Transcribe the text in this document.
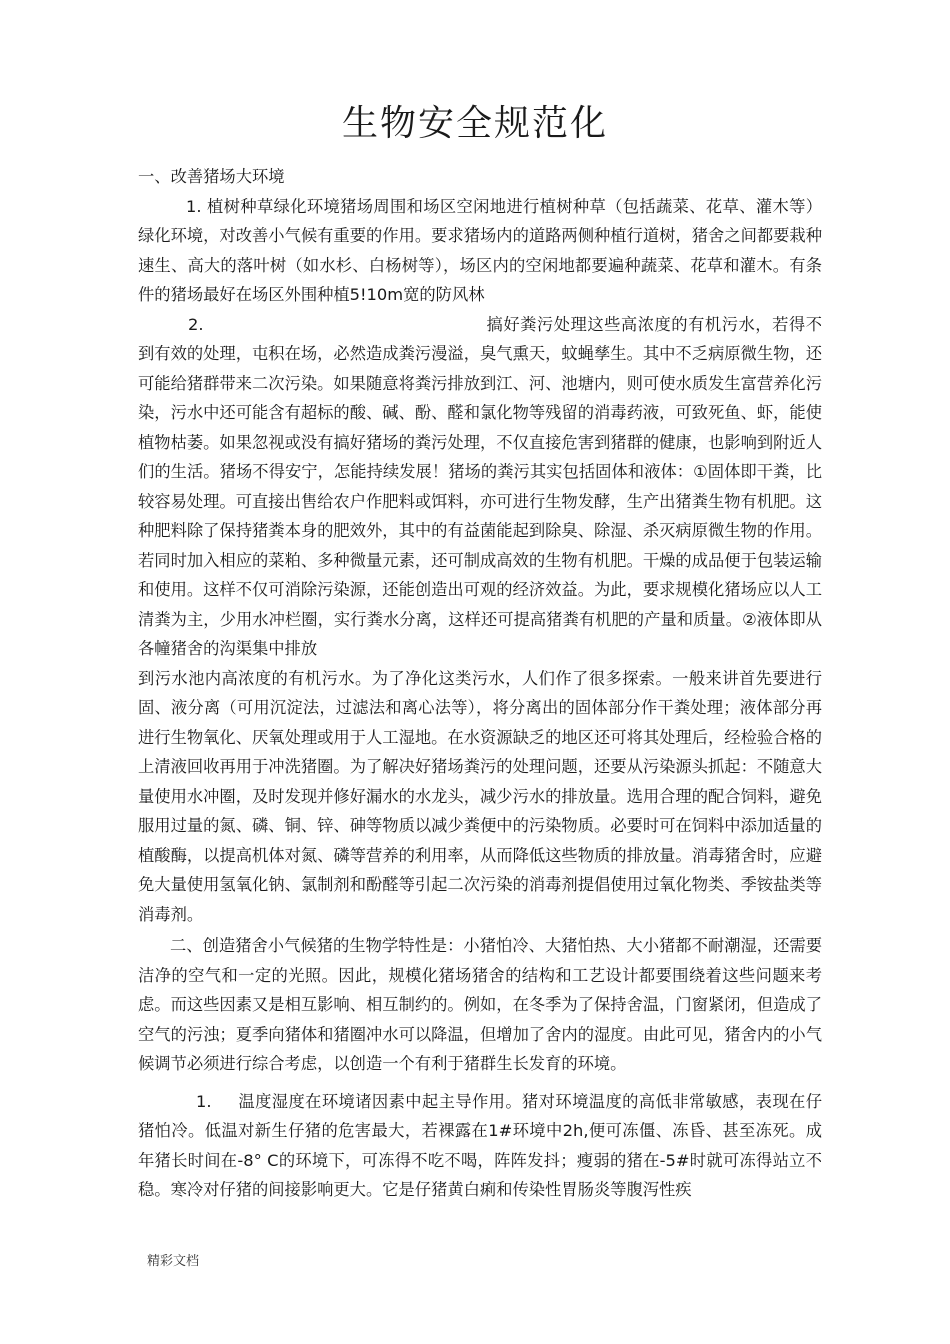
生物安全规范化

一、改善猪场大环境

1. 植树种草绿化环境猪场周围和场区空闲地进行植树种草（包括蔬菜、花草、灌木等）绿化环境，对改善小气候有重要的作用。要求猪场内的道路两侧种植行道树，猪舍之间都要栽种速生、高大的落叶树（如水杉、白杨树等），场区内的空闲地都要遍种蔬菜、花草和灌木。有条件的猪场最好在场区外围种植5!10m宽的防风林

2.	搞好粪污处理这些高浓度的有机污水，若得不到有效的处理，屯积在场，必然造成粪污漫溢，臭气熏天，蚊蝇孳生。其中不乏病原微生物，还可能给猪群带来二次污染。如果随意将粪污排放到江、河、池塘内，则可使水质发生富营养化污染，污水中还可能含有超标的酸、碱、酚、醛和氯化物等残留的消毒药液，可致死鱼、虾，能使植物枯萎。如果忽视或没有搞好猪场的粪污处理，不仅直接危害到猪群的健康，也影响到附近人们的生活。猪场不得安宁，怎能持续发展！猪场的粪污其实包括固体和液体：①固体即干粪，比较容易处理。可直接出售给农户作肥料或饵料，亦可进行生物发酵，生产出猪粪生物有机肥。这种肥料除了保持猪粪本身的肥效外，其中的有益菌能起到除臭、除湿、杀灭病原微生物的作用。若同时加入相应的菜粕、多种微量元素，还可制成高效的生物有机肥。干燥的成品便于包装运输和使用。这样不仅可消除污染源，还能创造出可观的经济效益。为此，要求规模化猪场应以人工清粪为主，少用水冲栏圈，实行粪水分离，这样还可提高猪粪有机肥的产量和质量。②液体即从各幢猪舍的沟渠集中排放

到污水池内高浓度的有机污水。为了净化这类污水，人们作了很多探索。一般来讲首先要进行固、液分离（可用沉淀法，过滤法和离心法等），将分离出的固体部分作干粪处理；液体部分再进行生物氧化、厌氧处理或用于人工湿地。在水资源缺乏的地区还可将其处理后，经检验合格的上清液回收再用于冲洗猪圈。为了解决好猪场粪污的处理问题，还要从污染源头抓起：不随意大量使用水冲圈，及时发现并修好漏水的水龙头，减少污水的排放量。选用合理的配合饲料，避免服用过量的氮、磷、铜、锌、砷等物质以减少粪便中的污染物质。必要时可在饲料中添加适量的植酸酶，以提高机体对氮、磷等营养的利用率，从而降低这些物质的排放量。消毒猪舍时，应避免大量使用氢氧化钠、氯制剂和酚醛等引起二次污染的消毒剂提倡使用过氧化物类、季铵盐类等消毒剂。

二、创造猪舍小气候猪的生物学特性是：小猪怕冷、大猪怕热、大小猪都不耐潮湿，还需要洁净的空气和一定的光照。因此，规模化猪场猪舍的结构和工艺设计都要围绕着这些问题来考虑。而这些因素又是相互影响、相互制约的。例如，在冬季为了保持舍温，门窗紧闭，但造成了空气的污浊；夏季向猪体和猪圈冲水可以降温，但增加了舍内的湿度。由此可见，猪舍内的小气候调节必须进行综合考虑，以创造一个有利于猪群生长发育的环境。

1. 温度湿度在环境诸因素中起主导作用。猪对环境温度的高低非常敏感，表现在仔猪怕冷。低温对新生仔猪的危害最大，若裸露在1#环境中2h,便可冻僵、冻昏、甚至冻死。成年猪长时间在-8° C的环境下，可冻得不吃不喝，阵阵发抖；瘦弱的猪在-5#时就可冻得站立不稳。寒冷对仔猪的间接影响更大。它是仔猪黄白痢和传染性胃肠炎等腹泻性疾

精彩文档
